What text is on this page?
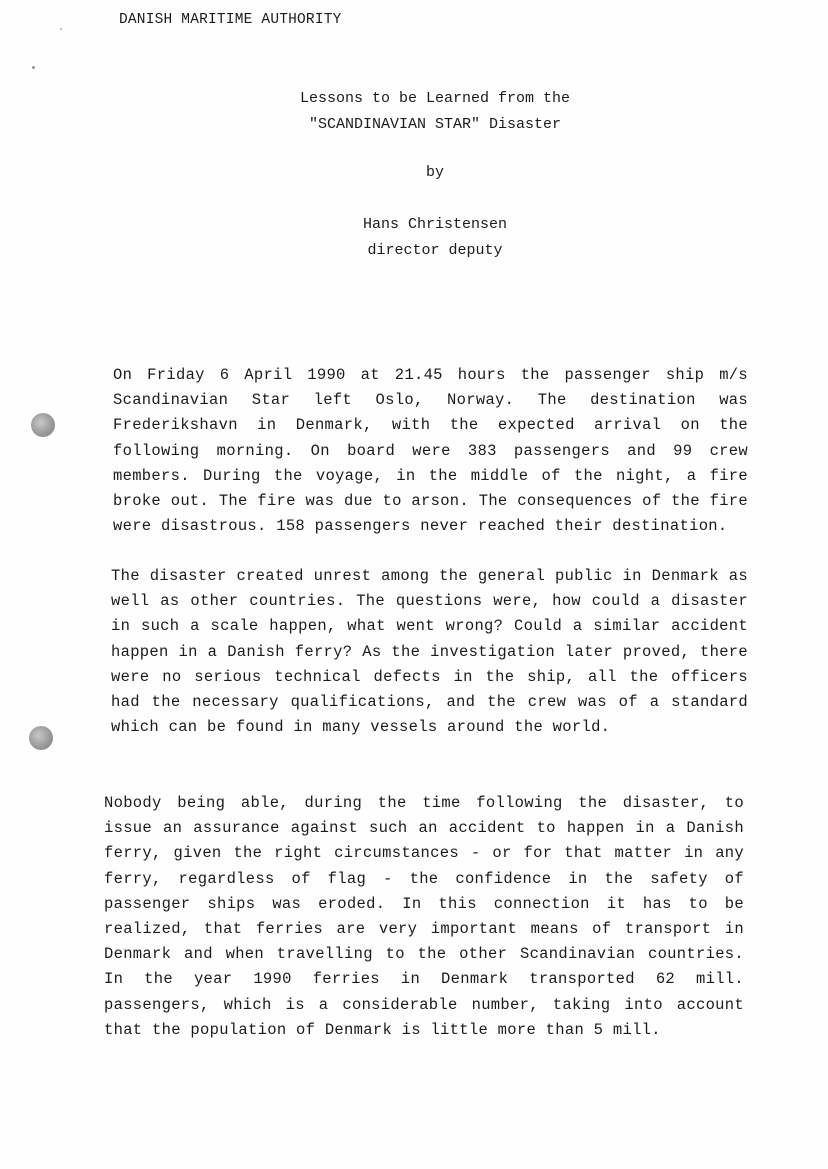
DANISH MARITIME AUTHORITY
Lessons to be Learned from the
"SCANDINAVIAN STAR" Disaster
by
Hans Christensen
director deputy

On Friday 6 April 1990 at 21.45 hours the passenger ship m/s Scandinavian Star left Oslo, Norway. The destination was Frederikshavn in Denmark, with the expected arrival on the following morning. On board were 383 passengers and 99 crew members. During the voyage, in the middle of the night, a fire broke out. The fire was due to arson. The consequences of the fire were disastrous. 158 passengers never reached their destination.

The disaster created unrest among the general public in Denmark as well as other countries. The questions were, how could a disaster in such a scale happen, what went wrong? Could a similar accident happen in a Danish ferry? As the investigation later proved, there were no serious technical defects in the ship, all the officers had the necessary qualifications, and the crew was of a standard which can be found in many vessels around the world.

Nobody being able, during the time following the disaster, to issue an assurance against such an accident to happen in a Danish ferry, given the right circumstances - or for that matter in any ferry, regardless of flag - the confidence in the safety of passenger ships was eroded. In this connection it has to be realized, that ferries are very important means of transport in Denmark and when travelling to the other Scandinavian countries. In the year 1990 ferries in Denmark transported 62 mill. passengers, which is a considerable number, taking into account that the population of Denmark is little more than 5 mill.
